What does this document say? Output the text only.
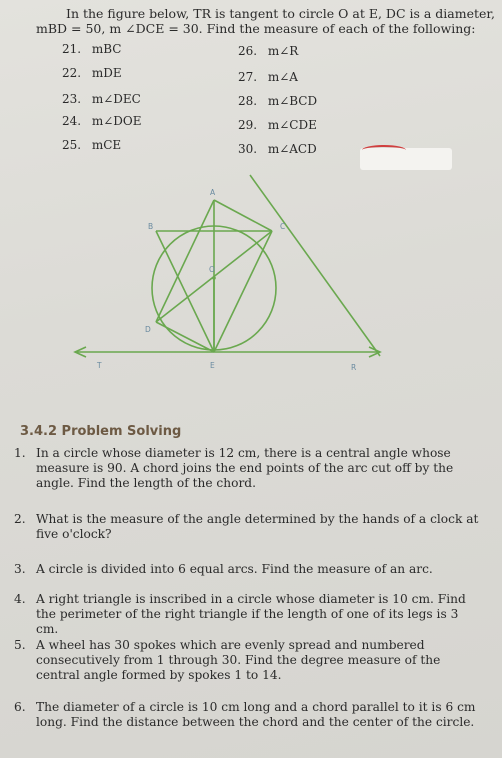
In the figure below, TR is tangent to circle O at E, DC is a diameter,
mBD = 50, m ∠DCE = 30. Find the measure of each of the following:
21. mBC
22. mDE
23. m∠DEC
24. m∠DOE
25. mCE
26. m∠R
27. m∠A
28. m∠BCD
29. m∠CDE
30. m∠ACD
A
B	C
O
D
E
T	R
3.4.2 Problem Solving
1. In a circle whose diameter is 12 cm, there is a central angle whose measure is 90. A chord joins the end points of the arc cut off by the angle. Find the length of the chord.
2. What is the measure of the angle determined by the hands of a clock at five o'clock?
3. A circle is divided into 6 equal arcs. Find the measure of an arc.
4. A right triangle is inscribed in a circle whose diameter is 10 cm. Find the perimeter of the right triangle if the length of one of its legs is 3 cm.
5. A wheel has 30 spokes which are evenly spread and numbered consecutively from 1 through 30. Find the degree measure of the central angle formed by spokes 1 to 14.
6. The diameter of a circle is 10 cm long and a chord parallel to it is 6 cm long. Find the distance between the chord and the center of the circle.
